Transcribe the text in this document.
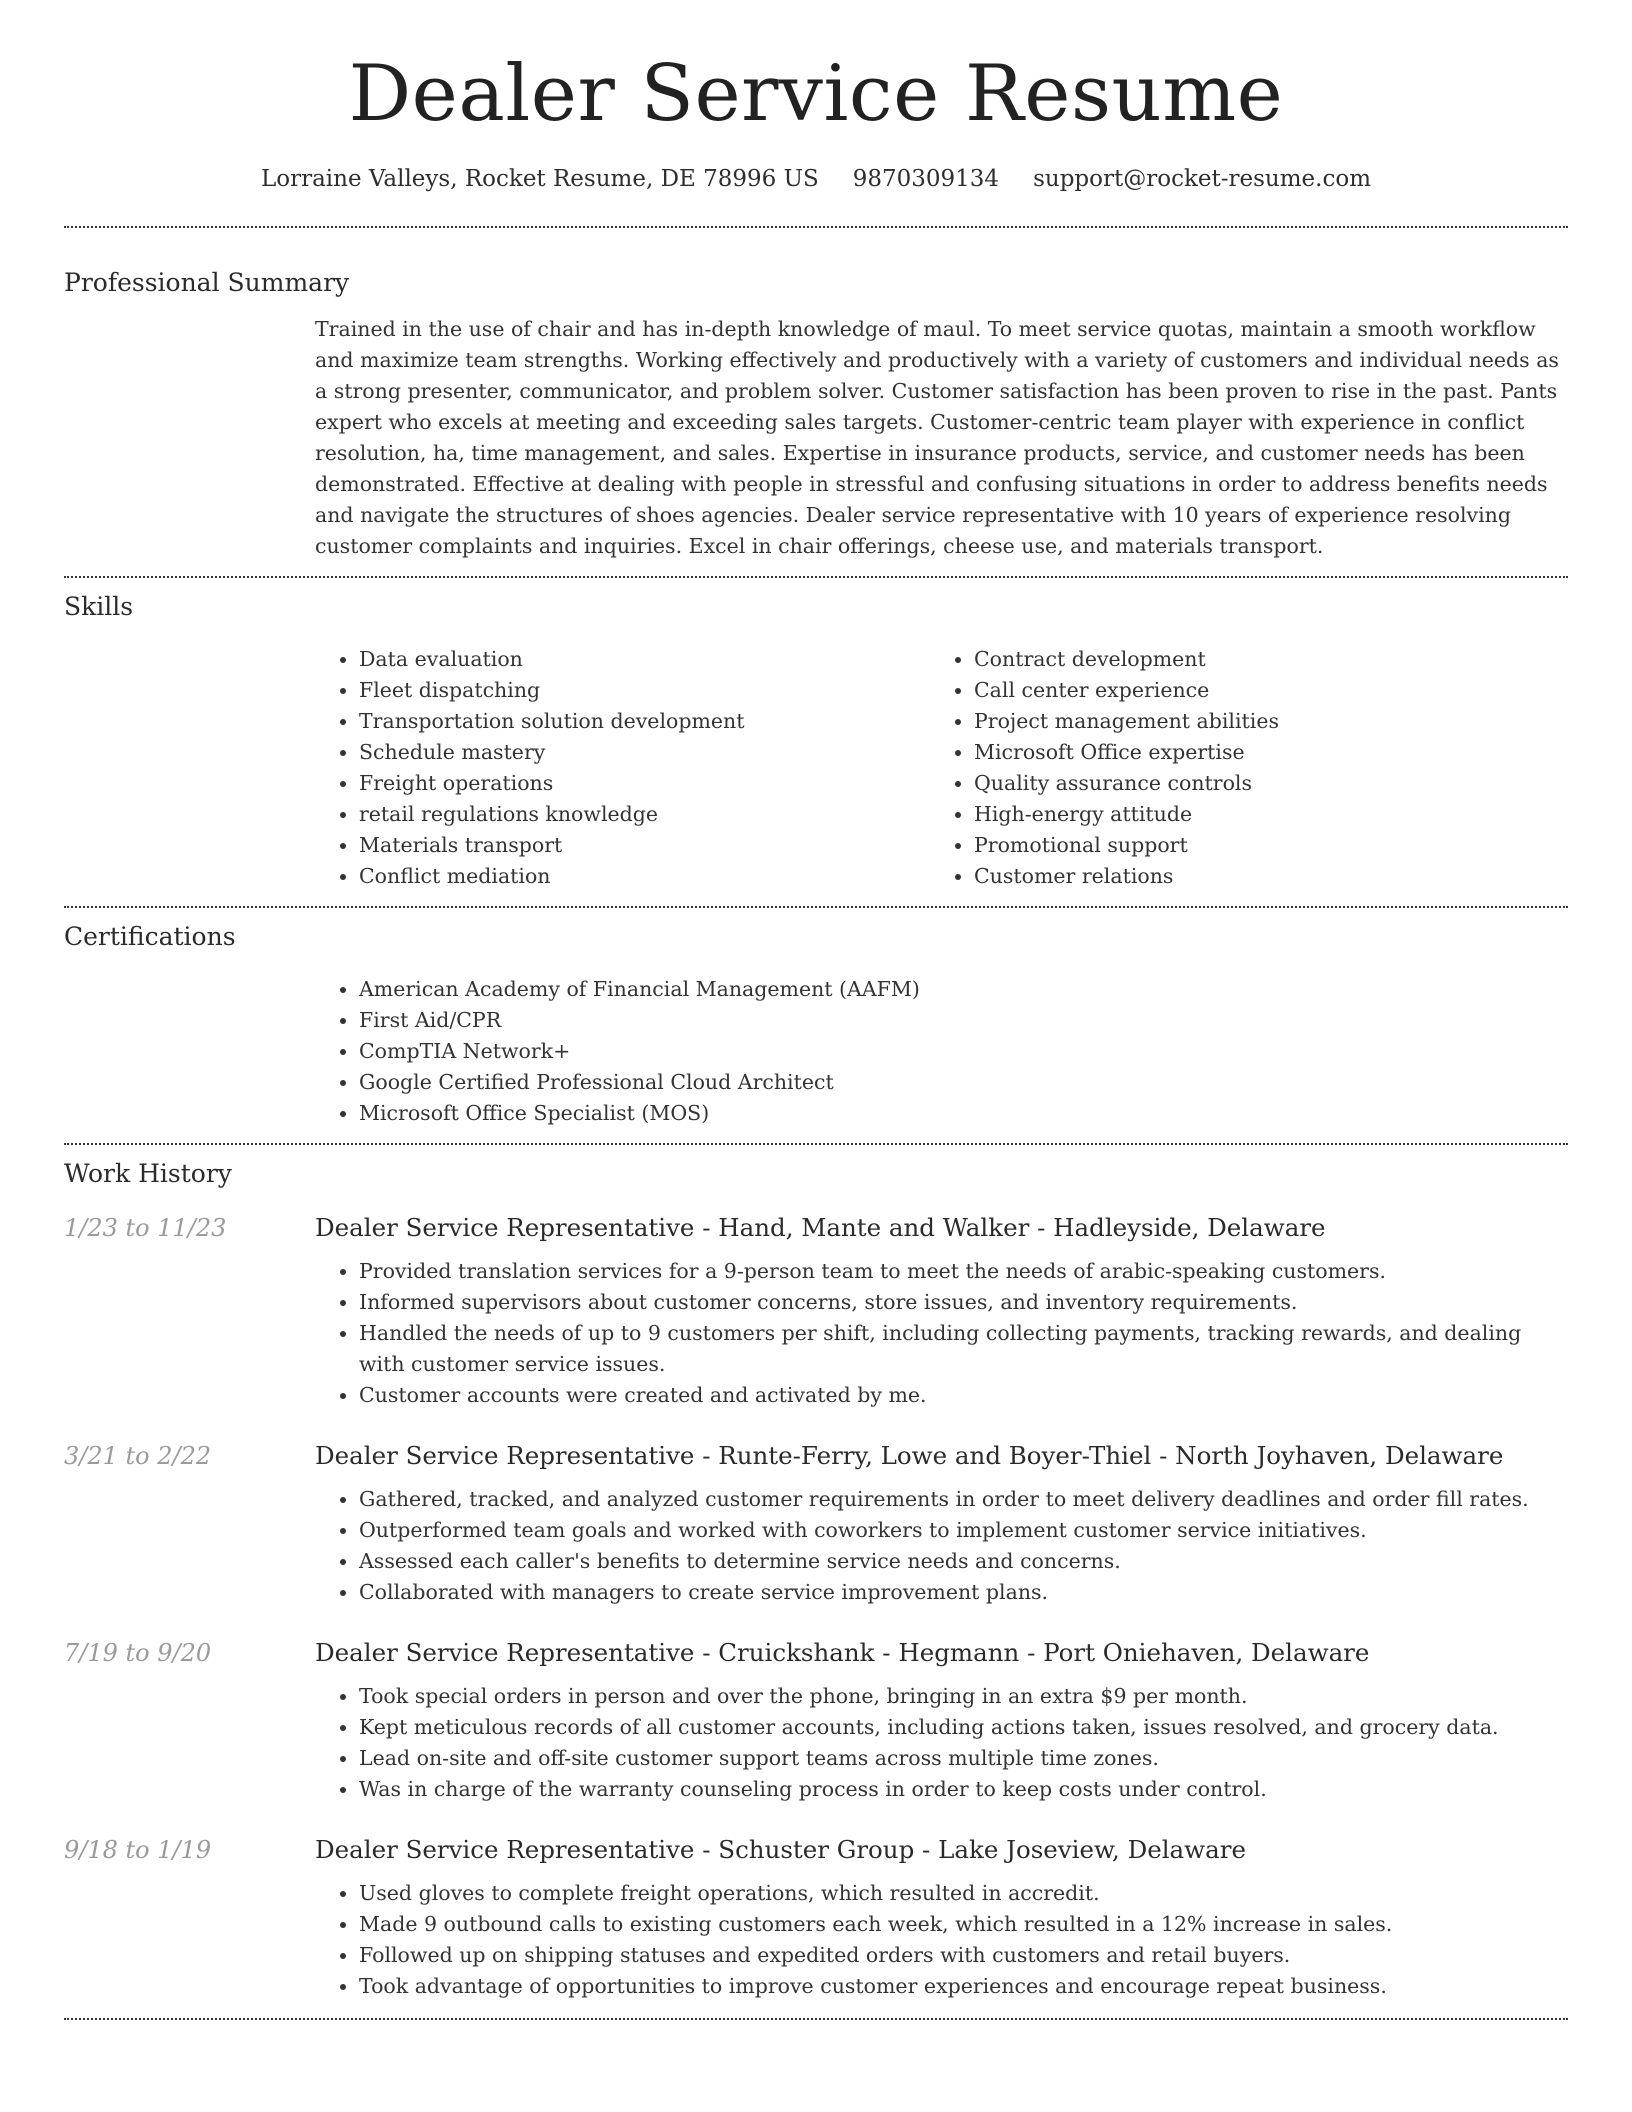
Dealer Service Resume
Lorraine Valleys, Rocket Resume, DE 78996 US 9870309134 support@rocket-resume.com
Professional Summary

Trained in the use of chair and has in-depth knowledge of maul. To meet service quotas, maintain a smooth workflow and maximize team strengths. Working effectively and productively with a variety of customers and individual needs as a strong presenter, communicator, and problem solver. Customer satisfaction has been proven to rise in the past. Pants expert who excels at meeting and exceeding sales targets. Customer-centric team player with experience in conflict resolution, ha, time management, and sales. Expertise in insurance products, service, and customer needs has been demonstrated. Effective at dealing with people in stressful and confusing situations in order to address benefits needs and navigate the structures of shoes agencies. Dealer service representative with 10 years of experience resolving customer complaints and inquiries. Excel in chair offerings, cheese use, and materials transport.

Skills
• Data evaluation
• Fleet dispatching
• Transportation solution development
• Schedule mastery
• Freight operations
• retail regulations knowledge
• Materials transport
• Conflict mediation
• Contract development
• Call center experience
• Project management abilities
• Microsoft Office expertise
• Quality assurance controls
• High-energy attitude
• Promotional support
• Customer relations
Certifications
• American Academy of Financial Management (AAFM)
• First Aid/CPR
• CompTIA Network+
• Google Certified Professional Cloud Architect
• Microsoft Office Specialist (MOS)
Work History
1/23 to 11/23	Dealer Service Representative - Hand, Mante and Walker - Hadleyside, Delaware
• Provided translation services for a 9-person team to meet the needs of arabic-speaking customers.
• Informed supervisors about customer concerns, store issues, and inventory requirements.
• Handled the needs of up to 9 customers per shift, including collecting payments, tracking rewards, and dealing with customer service issues.
• Customer accounts were created and activated by me.
3/21 to 2/22	Dealer Service Representative - Runte-Ferry, Lowe and Boyer-Thiel - North Joyhaven, Delaware
• Gathered, tracked, and analyzed customer requirements in order to meet delivery deadlines and order fill rates.
• Outperformed team goals and worked with coworkers to implement customer service initiatives.
• Assessed each caller's benefits to determine service needs and concerns.
• Collaborated with managers to create service improvement plans.
7/19 to 9/20	Dealer Service Representative - Cruickshank - Hegmann - Port Oniehaven, Delaware
• Took special orders in person and over the phone, bringing in an extra $9 per month.
• Kept meticulous records of all customer accounts, including actions taken, issues resolved, and grocery data.
• Lead on-site and off-site customer support teams across multiple time zones.
• Was in charge of the warranty counseling process in order to keep costs under control.
9/18 to 1/19	Dealer Service Representative - Schuster Group - Lake Joseview, Delaware
• Used gloves to complete freight operations, which resulted in accredit.
• Made 9 outbound calls to existing customers each week, which resulted in a 12% increase in sales.
• Followed up on shipping statuses and expedited orders with customers and retail buyers.
• Took advantage of opportunities to improve customer experiences and encourage repeat business.
